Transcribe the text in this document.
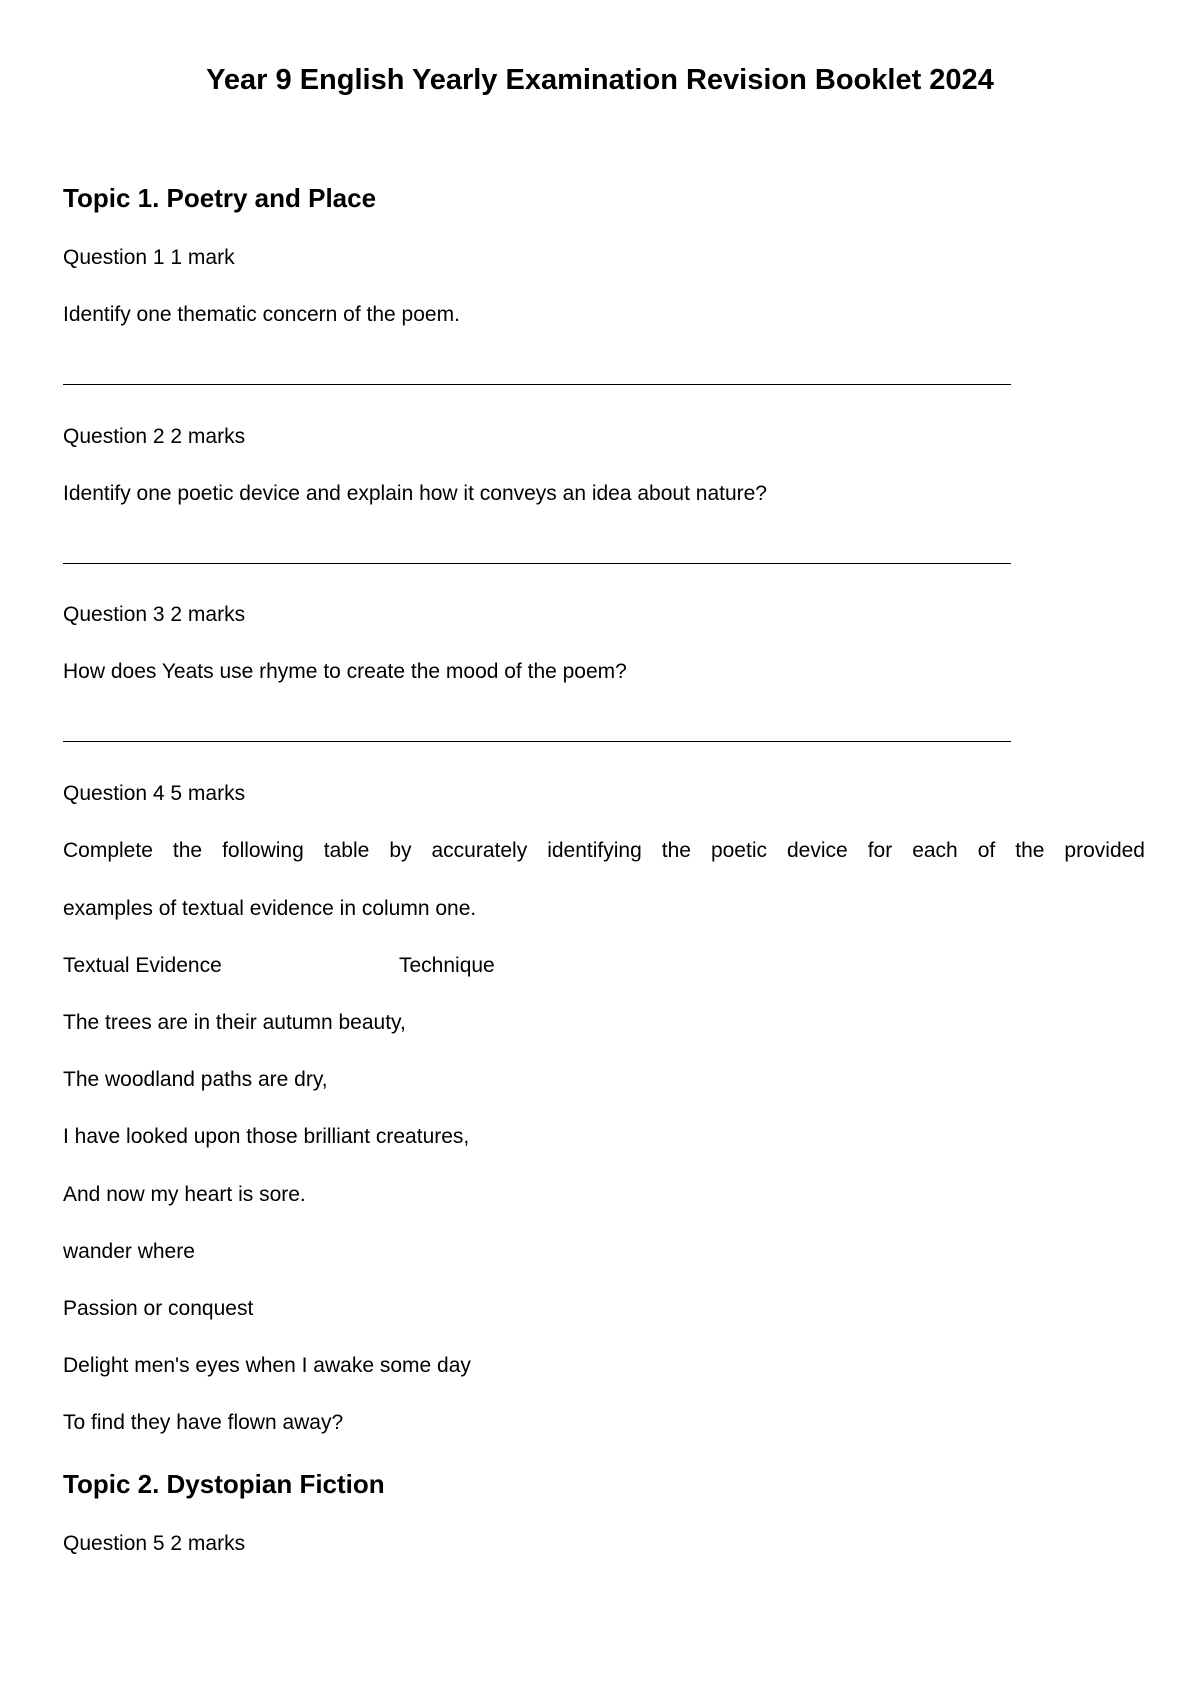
Year 9 English Yearly Examination Revision Booklet 2024
Topic 1. Poetry and Place
Question 1 1 mark
Identify one thematic concern of the poem.
Question 2 2 marks
Identify one poetic device and explain how it conveys an idea about nature?
Question 3 2 marks
How does Yeats use rhyme to create the mood of the poem?
Question 4 5 marks
Complete the following table by accurately identifying the poetic device for each of the provided
examples of textual evidence in column one.
Textual Evidence	Technique
The trees are in their autumn beauty,
The woodland paths are dry,
I have looked upon those brilliant creatures,
And now my heart is sore.
wander where
Passion or conquest
Delight men's eyes when I awake some day
To find they have flown away?
Topic 2. Dystopian Fiction
Question 5 2 marks
